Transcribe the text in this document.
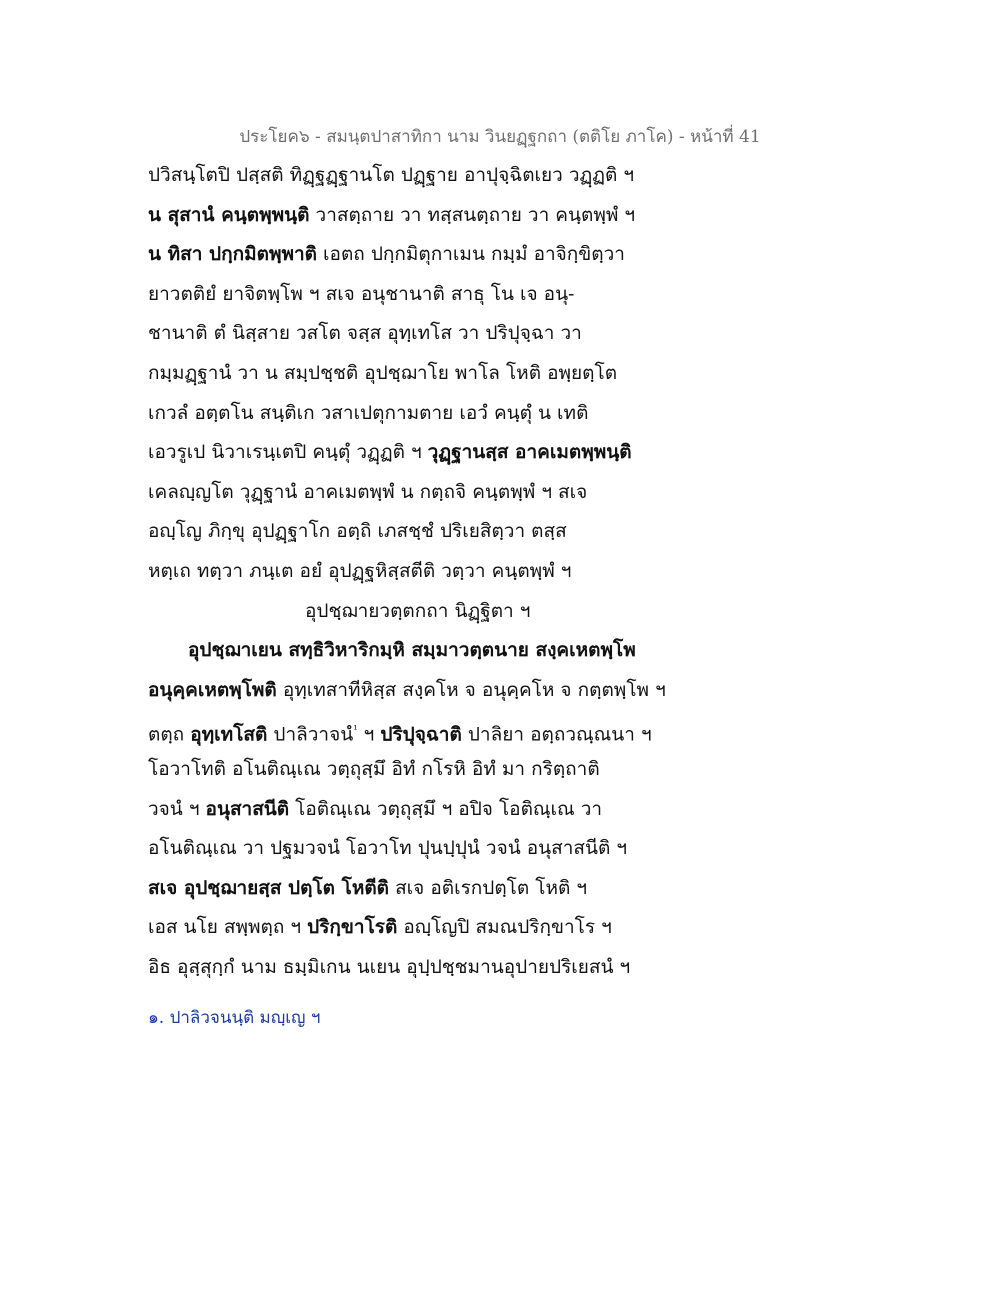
ประโยค๖ - สมนฺตปาสาทิกา นาม วินยฏฺฐกถา (ตติโย ภาโค) - หน้าที่ 41
ปวิสนฺโตปิ ปสฺสติ ทิฏฺฐฏฺฐานโต ปฏฺฐาย อาปุจฺฉิตเยว วฏฺฏติ ฯ
น สุสานํ คนฺตพฺพนฺติ วาสตฺถาย วา ทสฺสนตฺถาย วา คนฺตพฺพํ ฯ
น ทิสา ปกฺกมิตพฺพาติ เอตถ ปกฺกมิตุกาเมน กมฺมํ อาจิกฺขิตฺวา
ยาวตติยํ ยาจิตพฺโพ ฯ สเจ อนุชานาติ สาธุ โน เจ อนุ-
ชานาติ ตํ นิสฺสาย วสโต จสฺส อุทฺเทโส วา ปริปุจฺฉา วา
กมฺมฏฺฐานํ วา น สมฺปชฺชติ อุปชฺฌาโย พาโล โหติ อพฺยตฺโต
เกวลํ อตฺตโน สนฺติเก วสาเปตุกามตาย เอวํ คนฺตุํ น เทติ
เอวรูเป นิวาเรนฺเตปิ คนฺตุํ วฏฺฏติ ฯ วุฏฺฐานสฺส อาคเมตพฺพนฺติ
เคลญฺญโต วุฏฺฐานํ อาคเมตพฺพํ น กตฺถจิ คนฺตพฺพํ ฯ สเจ
อญฺโญ ภิกฺขุ อุปฏฺฐาโก อตฺถิ เภสชฺชํ ปริเยสิตฺวา ตสฺส
หตฺเถ ทตฺวา ภนฺเต อยํ อุปฏฺฐหิสฺสตีติ วตฺวา คนฺตพฺพํ ฯ
อุปชฺฌายวตฺตกถา นิฏฺฐิตา ฯ
อุปชฺฌาเยน สทฺธิวิหาริกมฺหิ สมฺมาวตฺตนาย สงฺคเหตพฺโพ
อนุคฺคเหตพฺโพติ อุทฺเทสาทีหิสฺส สงฺคโห จ อนุคฺคโห จ กตฺตพฺโพ ฯ
ตตฺถ อุทฺเทโสติ ปาลิวาจนํ$^{^1}$ ฯ ปริปุจฺฉาติ ปาลิยา อตฺถวณฺณนา ฯ
โอวาโทติ อโนติณฺเณ วตฺถุสฺมึ อิทํ กโรหิ อิทํ มา กริตฺถาติ
วจนํ ฯ อนุสาสนีติ โอติณฺเณ วตฺถุสฺมึ ฯ อปิจ โอติณฺเณ วา
อโนติณฺเณ วา ปฐมวจนํ โอวาโท ปุนปฺปุนํ วจนํ อนุสาสนีติ ฯ
สเจ อุปชฺฌายสฺส ปตฺโต โหตีติ สเจ อติเรกปตฺโต โหติ ฯ
เอส นโย สพฺพตฺถ ฯ ปริกฺขาโรติ อญฺโญปิ สมณปริกฺขาโร ฯ
อิธ อุสฺสุกฺกํ นาม ธมฺมิเกน นเยน อุปฺปชฺชมานอุปายปริเยสนํ ฯ
๑. ปาลิวจนนฺติ มญฺเญ ฯ
